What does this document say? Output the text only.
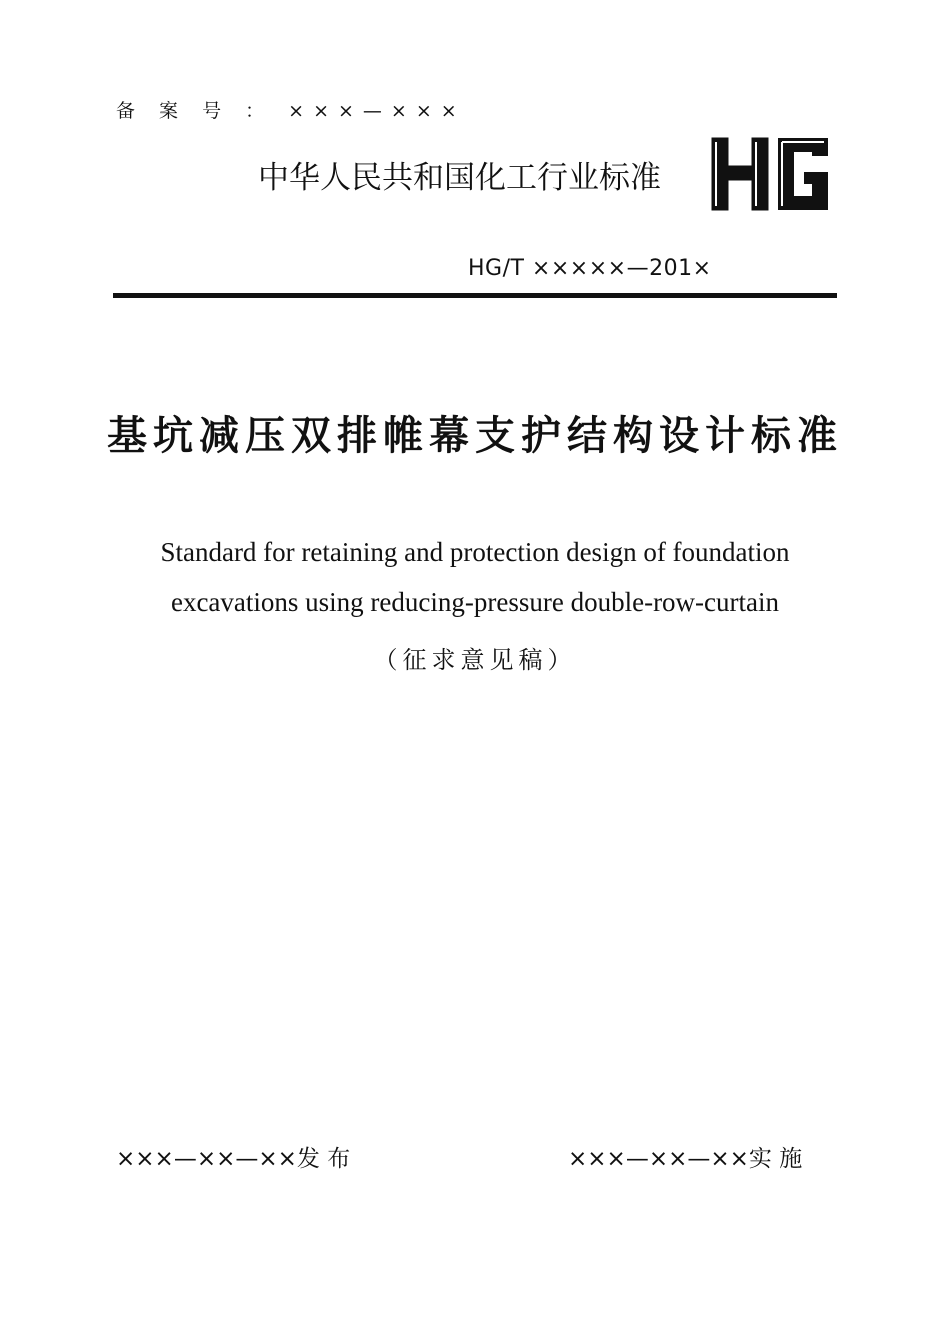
备 案 号 ： ×××—×××
中华人民共和国化工行业标准
HG/T ×××××—201×
基坑减压双排帷幕支护结构设计标准
Standard for retaining and protection design of foundation excavations using reducing-pressure double-row-curtain
（征求意见稿）
×××—××—××发 布	×××—××—××实 施
